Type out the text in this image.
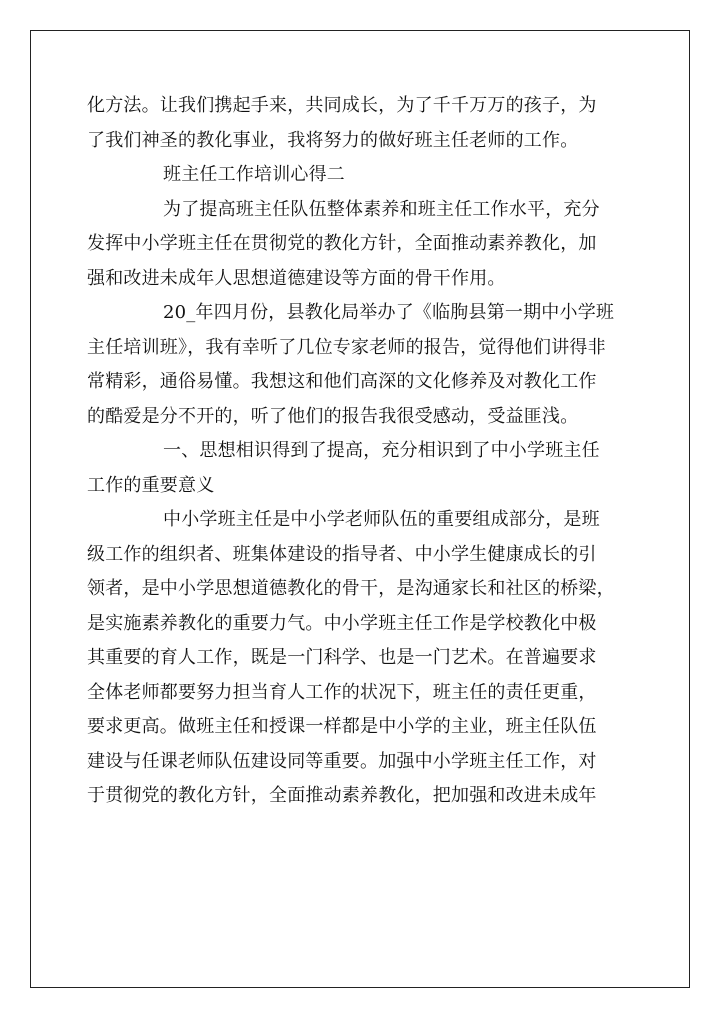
化方法。让我们携起手来，共同成长，为了千千万万的孩子，为
了我们神圣的教化事业，我将努力的做好班主任老师的工作。
班主任工作培训心得二
为了提高班主任队伍整体素养和班主任工作水平，充分
发挥中小学班主任在贯彻党的教化方针，全面推动素养教化，加
强和改进未成年人思想道德建设等方面的骨干作用。
20_年四月份，县教化局举办了《临朐县第一期中小学班
主任培训班》，我有幸听了几位专家老师的报告，觉得他们讲得非
常精彩，通俗易懂。我想这和他们高深的文化修养及对教化工作
的酷爱是分不开的，听了他们的报告我很受感动，受益匪浅。
一、思想相识得到了提高，充分相识到了中小学班主任
工作的重要意义
中小学班主任是中小学老师队伍的重要组成部分，是班
级工作的组织者、班集体建设的指导者、中小学生健康成长的引
领者，是中小学思想道德教化的骨干，是沟通家长和社区的桥梁，
是实施素养教化的重要力气。中小学班主任工作是学校教化中极
其重要的育人工作，既是一门科学、也是一门艺术。在普遍要求
全体老师都要努力担当育人工作的状况下，班主任的责任更重，
要求更高。做班主任和授课一样都是中小学的主业，班主任队伍
建设与任课老师队伍建设同等重要。加强中小学班主任工作，对
于贯彻党的教化方针，全面推动素养教化，把加强和改进未成年
